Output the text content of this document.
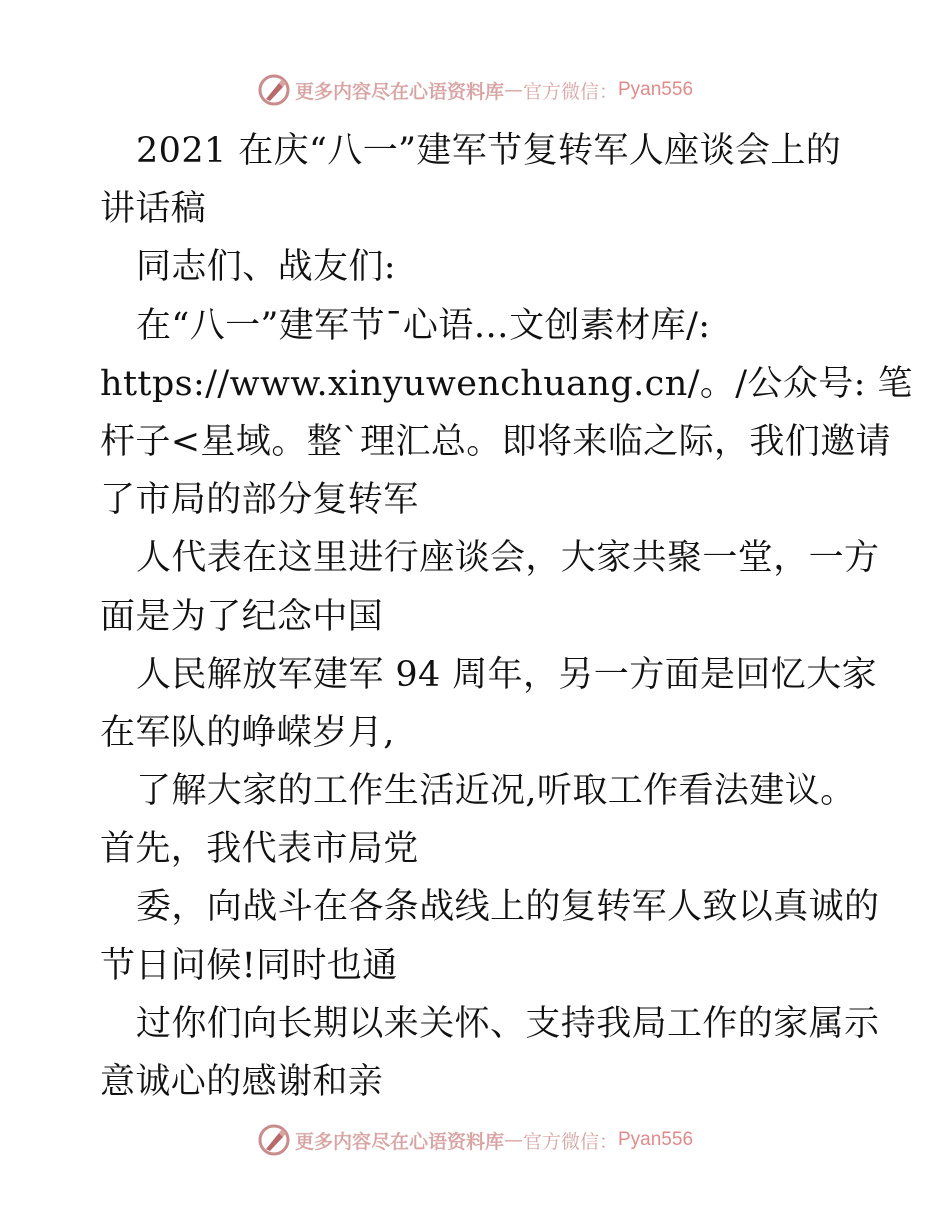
更多内容尽在心语资料库 — 官方微信： Pyan556
2021 在庆“八一”建军节复转军人座谈会上的
讲话稿
同志们、战友们:
在“八一”建军节¯心语…文创素材库/:
https://www.xinyuwenchuang.cn/。/公众号: 笔
杆子<星域。整`理汇总。即将来临之际，我们邀请
了市局的部分复转军
人代表在这里进行座谈会，大家共聚一堂，一方
面是为了纪念中国
人民解放军建军 94 周年，另一方面是回忆大家
在军队的峥嵘岁月,
了解大家的工作生活近况,听取工作看法建议。
首先，我代表市局党
委，向战斗在各条战线上的复转军人致以真诚的
节日问候!同时也通
过你们向长期以来关怀、支持我局工作的家属示
意诚心的感谢和亲
更多内容尽在心语资料库 — 官方微信： Pyan556
